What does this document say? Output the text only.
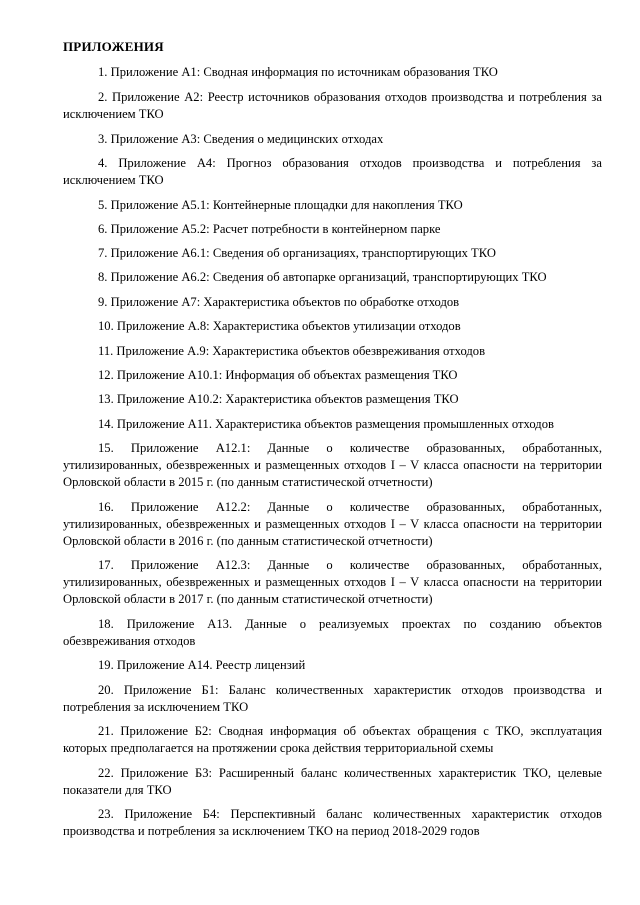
ПРИЛОЖЕНИЯ
1. Приложение А1: Сводная информация по источникам образования ТКО
2. Приложение А2: Реестр источников образования отходов производства и потребления за исключением ТКО
3. Приложение А3: Сведения о медицинских отходах
4. Приложение А4: Прогноз образования отходов производства и потребления за исключением ТКО
5. Приложение А5.1: Контейнерные площадки для накопления ТКО
6. Приложение А5.2: Расчет потребности в контейнерном парке
7. Приложение А6.1: Сведения об организациях, транспортирующих ТКО
8. Приложение А6.2: Сведения об автопарке организаций, транспортирующих ТКО
9. Приложение А7: Характеристика объектов по обработке отходов
10. Приложение А.8: Характеристика объектов утилизации отходов
11. Приложение А.9: Характеристика объектов обезвреживания отходов
12. Приложение А10.1: Информация об объектах размещения ТКО
13. Приложение А10.2: Характеристика объектов размещения ТКО
14. Приложение А11. Характеристика объектов размещения промышленных отходов
15. Приложение А12.1: Данные о количестве образованных, обработанных, утилизированных, обезвреженных и размещенных отходов I – V класса опасности на территории Орловской области в 2015 г. (по данным статистической отчетности)
16. Приложение А12.2: Данные о количестве образованных, обработанных, утилизированных, обезвреженных и размещенных отходов I – V класса опасности на территории Орловской области в 2016 г. (по данным статистической отчетности)
17. Приложение А12.3: Данные о количестве образованных, обработанных, утилизированных, обезвреженных и размещенных отходов I – V класса опасности на территории Орловской области в 2017 г. (по данным статистической отчетности)
18. Приложение А13. Данные о реализуемых проектах по созданию объектов обезвреживания отходов
19. Приложение А14. Реестр лицензий
20. Приложение Б1: Баланс количественных характеристик отходов производства и потребления за исключением ТКО
21. Приложение Б2: Сводная информация об объектах обращения с ТКО, эксплуатация которых предполагается на протяжении срока действия территориальной схемы
22. Приложение Б3: Расширенный баланс количественных характеристик ТКО, целевые показатели для ТКО
23. Приложение Б4: Перспективный баланс количественных характеристик отходов производства и потребления за исключением ТКО на период 2018-2029 годов
